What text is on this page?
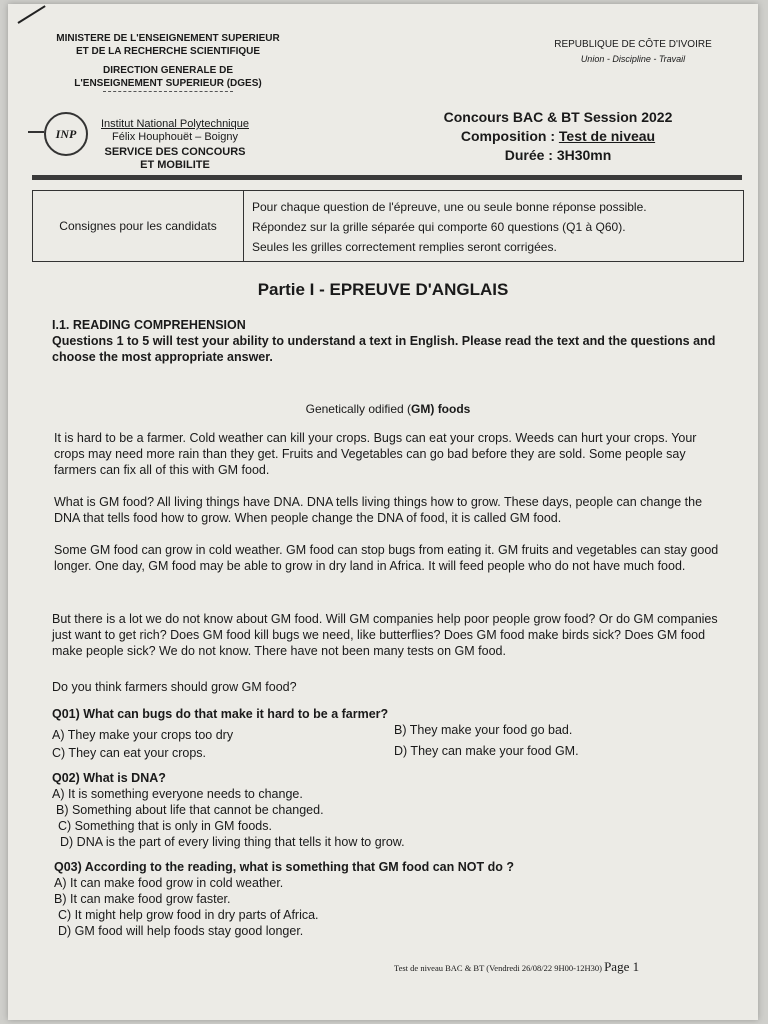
MINISTERE DE L'ENSEIGNEMENT SUPERIEUR
ET DE LA RECHERCHE SCIENTIFIQUE
DIRECTION GENERALE DE
L'ENSEIGNEMENT SUPERIEUR (DGES)
REPUBLIQUE DE CÔTE D'IVOIRE
Union - Discipline - Travail
INP
Institut National Polytechnique
Félix Houphouët – Boigny
SERVICE DES CONCOURS
ET MOBILITE
Concours BAC & BT Session 2022
Composition : Test de niveau
Durée : 3H30mn
Consignes pour les candidats
Pour chaque question de l'épreuve, une ou seule bonne réponse possible.
Répondez sur la grille séparée qui comporte 60 questions (Q1 à Q60).
Seules les grilles correctement remplies seront corrigées.
Partie I - EPREUVE D'ANGLAIS
I.1. READING COMPREHENSION
Questions 1 to 5 will test your ability to understand a text in English. Please read the text and the questions and choose the most appropriate answer.
Genetically odified (GM) foods

It is hard to be a farmer. Cold weather can kill your crops. Bugs can eat your crops. Weeds can hurt your crops. Your crops may need more rain than they get. Fruits and Vegetables can go bad before they are sold. Some people say farmers can fix all of this with GM food.

What is GM food? All living things have DNA. DNA tells living things how to grow. These days, people can change the DNA that tells food how to grow. When people change the DNA of food, it is called GM food.

Some GM food can grow in cold weather. GM food can stop bugs from eating it. GM fruits and vegetables can stay good longer. One day, GM food may be able to grow in dry land in Africa. It will feed people who do not have much food.

But there is a lot we do not know about GM food. Will GM companies help poor people grow food? Or do GM companies just want to get rich? Does GM food kill bugs we need, like butterflies? Does GM food make birds sick? Does GM food make people sick? We do not know. There have not been many tests on GM food.

Do you think farmers should grow GM food?

Q01) What can bugs do that make it hard to be a farmer?
A) They make your crops too dry	B) They make your food go bad.
C) They can eat your crops.	D) They can make your food GM.
Q02) What is DNA?
A) It is something everyone needs to change.
B) Something about life that cannot be changed.
C) Something that is only in GM foods.
D) DNA is the part of every living thing that tells it how to grow.
Q03) According to the reading, what is something that GM food can NOT do ?
A) It can make food grow in cold weather.
B) It can make food grow faster.
C) It might help grow food in dry parts of Africa.
D) GM food will help foods stay good longer.
Test de niveau BAC & BT (Vendredi 26/08/22 9H00-12H30) Page 1
